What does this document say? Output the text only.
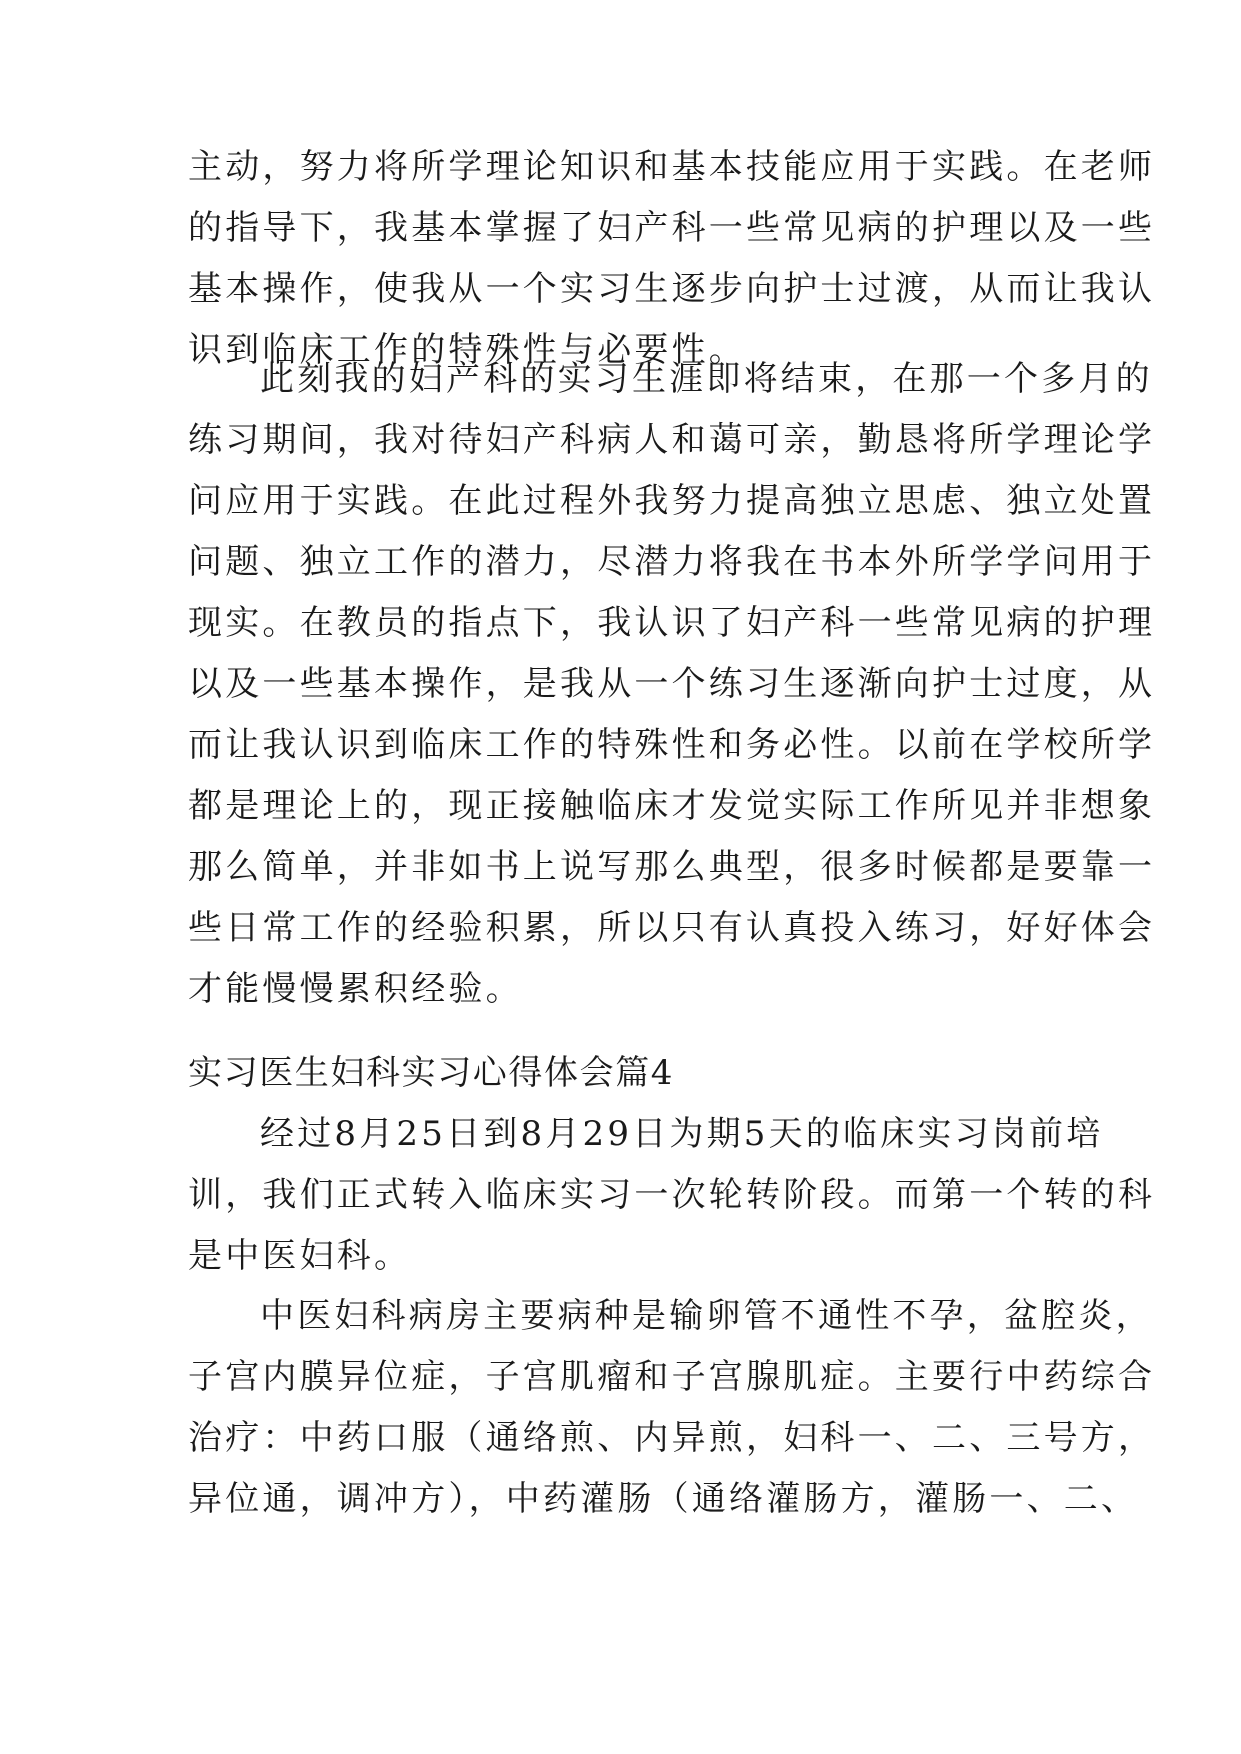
主动，努力将所学理论知识和基本技能应用于实践。在老师
的指导下，我基本掌握了妇产科一些常见病的护理以及一些
基本操作，使我从一个实习生逐步向护士过渡，从而让我认
识到临床工作的特殊性与必要性。
此刻我的妇产科的实习生涯即将结束，在那一个多月的
练习期间，我对待妇产科病人和蔼可亲，勤恳将所学理论学
问应用于实践。在此过程外我努力提高独立思虑、独立处置
问题、独立工作的潜力，尽潜力将我在书本外所学学问用于
现实。在教员的指点下，我认识了妇产科一些常见病的护理
以及一些基本操作，是我从一个练习生逐渐向护士过度，从
而让我认识到临床工作的特殊性和务必性。以前在学校所学
都是理论上的，现正接触临床才发觉实际工作所见并非想象
那么简单，并非如书上说写那么典型，很多时候都是要靠一
些日常工作的经验积累，所以只有认真投入练习，好好体会
才能慢慢累积经验。
实习医生妇科实习心得体会篇4
经过8月25日到8月29日为期5天的临床实习岗前培
训，我们正式转入临床实习一次轮转阶段。而第一个转的科
是中医妇科。
中医妇科病房主要病种是输卵管不通性不孕，盆腔炎，
子宫内膜异位症，子宫肌瘤和子宫腺肌症。主要行中药综合
治疗：中药口服（通络煎、内异煎，妇科一、二、三号方，
异位通，调冲方），中药灌肠（通络灌肠方，灌肠一、二、
